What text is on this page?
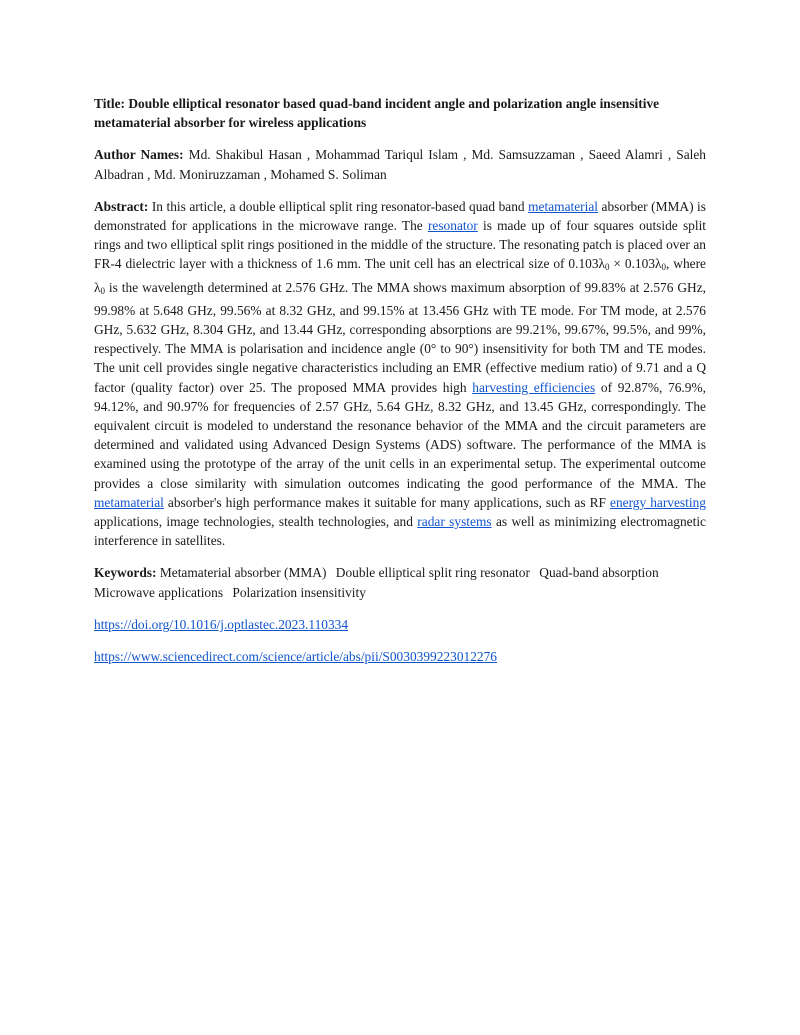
Title: Double elliptical resonator based quad-band incident angle and polarization angle insensitive metamaterial absorber for wireless applications

Author Names: Md. Shakibul Hasan , Mohammad Tariqul Islam , Md. Samsuzzaman , Saeed Alamri , Saleh Albadran , Md. Moniruzzaman , Mohamed S. Soliman

Abstract: In this article, a double elliptical split ring resonator-based quad band metamaterial absorber (MMA) is demonstrated for applications in the microwave range. The resonator is made up of four squares outside split rings and two elliptical split rings positioned in the middle of the structure. The resonating patch is placed over an FR-4 dielectric layer with a thickness of 1.6 mm. The unit cell has an electrical size of $0.103\lambda_0 \times 0.103\lambda_0$, where $\lambda_0$ is the wavelength determined at 2.576 GHz. The MMA shows maximum absorption of 99.83% at 2.576 GHz, 99.98% at 5.648 GHz, 99.56% at 8.32 GHz, and 99.15% at 13.456 GHz with TE mode. For TM mode, at 2.576 GHz, 5.632 GHz, 8.304 GHz, and 13.44 GHz, corresponding absorptions are 99.21%, 99.67%, 99.5%, and 99%, respectively. The MMA is polarisation and incidence angle (0° to 90°) insensitivity for both TM and TE modes. The unit cell provides single negative characteristics including an EMR (effective medium ratio) of 9.71 and a Q factor (quality factor) over 25. The proposed MMA provides high harvesting efficiencies of 92.87%, 76.9%, 94.12%, and 90.97% for frequencies of 2.57 GHz, 5.64 GHz, 8.32 GHz, and 13.45 GHz, correspondingly. The equivalent circuit is modeled to understand the resonance behavior of the MMA and the circuit parameters are determined and validated using Advanced Design Systems (ADS) software. The performance of the MMA is examined using the prototype of the array of the unit cells in an experimental setup. The experimental outcome provides a close similarity with simulation outcomes indicating the good performance of the MMA. The metamaterial absorber's high performance makes it suitable for many applications, such as RF energy harvesting applications, image technologies, stealth technologies, and radar systems as well as minimizing electromagnetic interference in satellites.

Keywords: Metamaterial absorber (MMA) Double elliptical split ring resonator Quad-band absorption Microwave applications Polarization insensitivity

https://doi.org/10.1016/j.optlastec.2023.110334

https://www.sciencedirect.com/science/article/abs/pii/S0030399223012276
